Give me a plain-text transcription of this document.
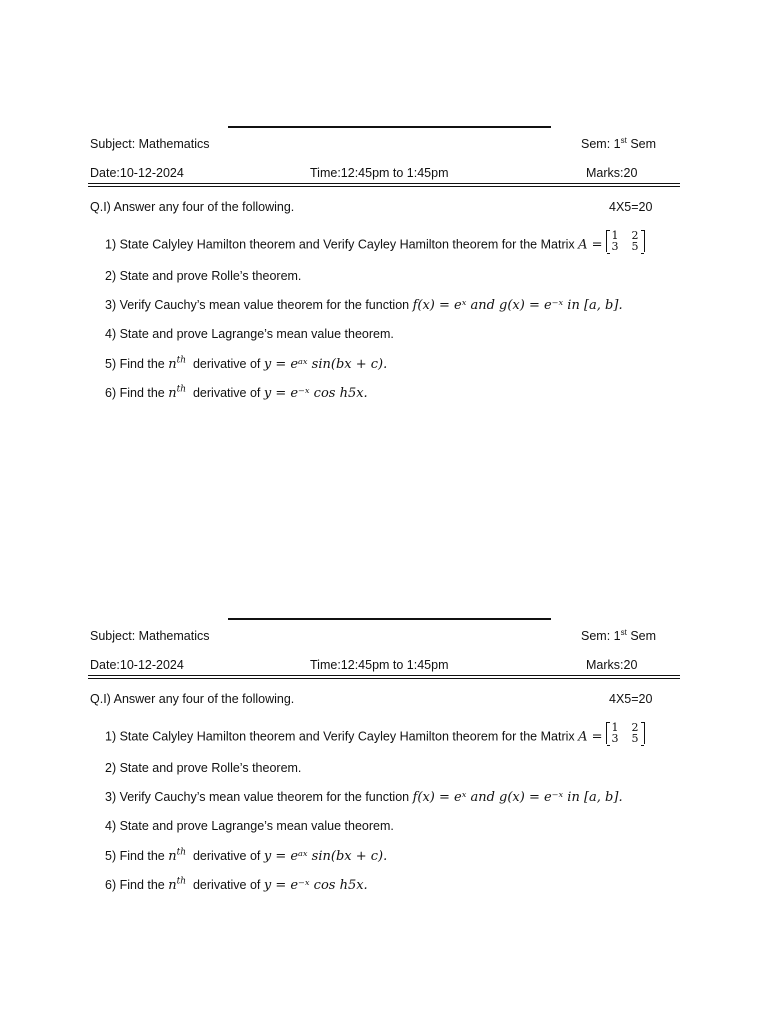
Subject: Mathematics	Sem: 1st Sem
Date:10-12-2024	Time:12:45pm to 1:45pm	Marks:20
Q.I) Answer any four of the following.	4X5=20
1) State Calyley Hamilton theorem and Verify Cayley Hamilton theorem for the Matrix A =
1	2
3	5
2) State and prove Rolle’s theorem.
3) Verify Cauchy’s mean value theorem for the function f(x) = eˣ and g(x) = e⁻ˣ in [a, b].
4) State and prove Lagrange’s mean value theorem.
5) Find the $n^{th}$  derivative of y = eᵃˣ sin(bx + c).
6) Find the $n^{th}$  derivative of y = e⁻ˣ cos h5x.
Subject: Mathematics	Sem: 1st Sem
Date:10-12-2024	Time:12:45pm to 1:45pm	Marks:20
Q.I) Answer any four of the following.	4X5=20
1) State Calyley Hamilton theorem and Verify Cayley Hamilton theorem for the Matrix A =
1	2
3	5
2) State and prove Rolle’s theorem.
3) Verify Cauchy’s mean value theorem for the function f(x) = eˣ and g(x) = e⁻ˣ in [a, b].
4) State and prove Lagrange’s mean value theorem.
5) Find the $n^{th}$  derivative of y = eᵃˣ sin(bx + c).
6) Find the $n^{th}$  derivative of y = e⁻ˣ cos h5x.
